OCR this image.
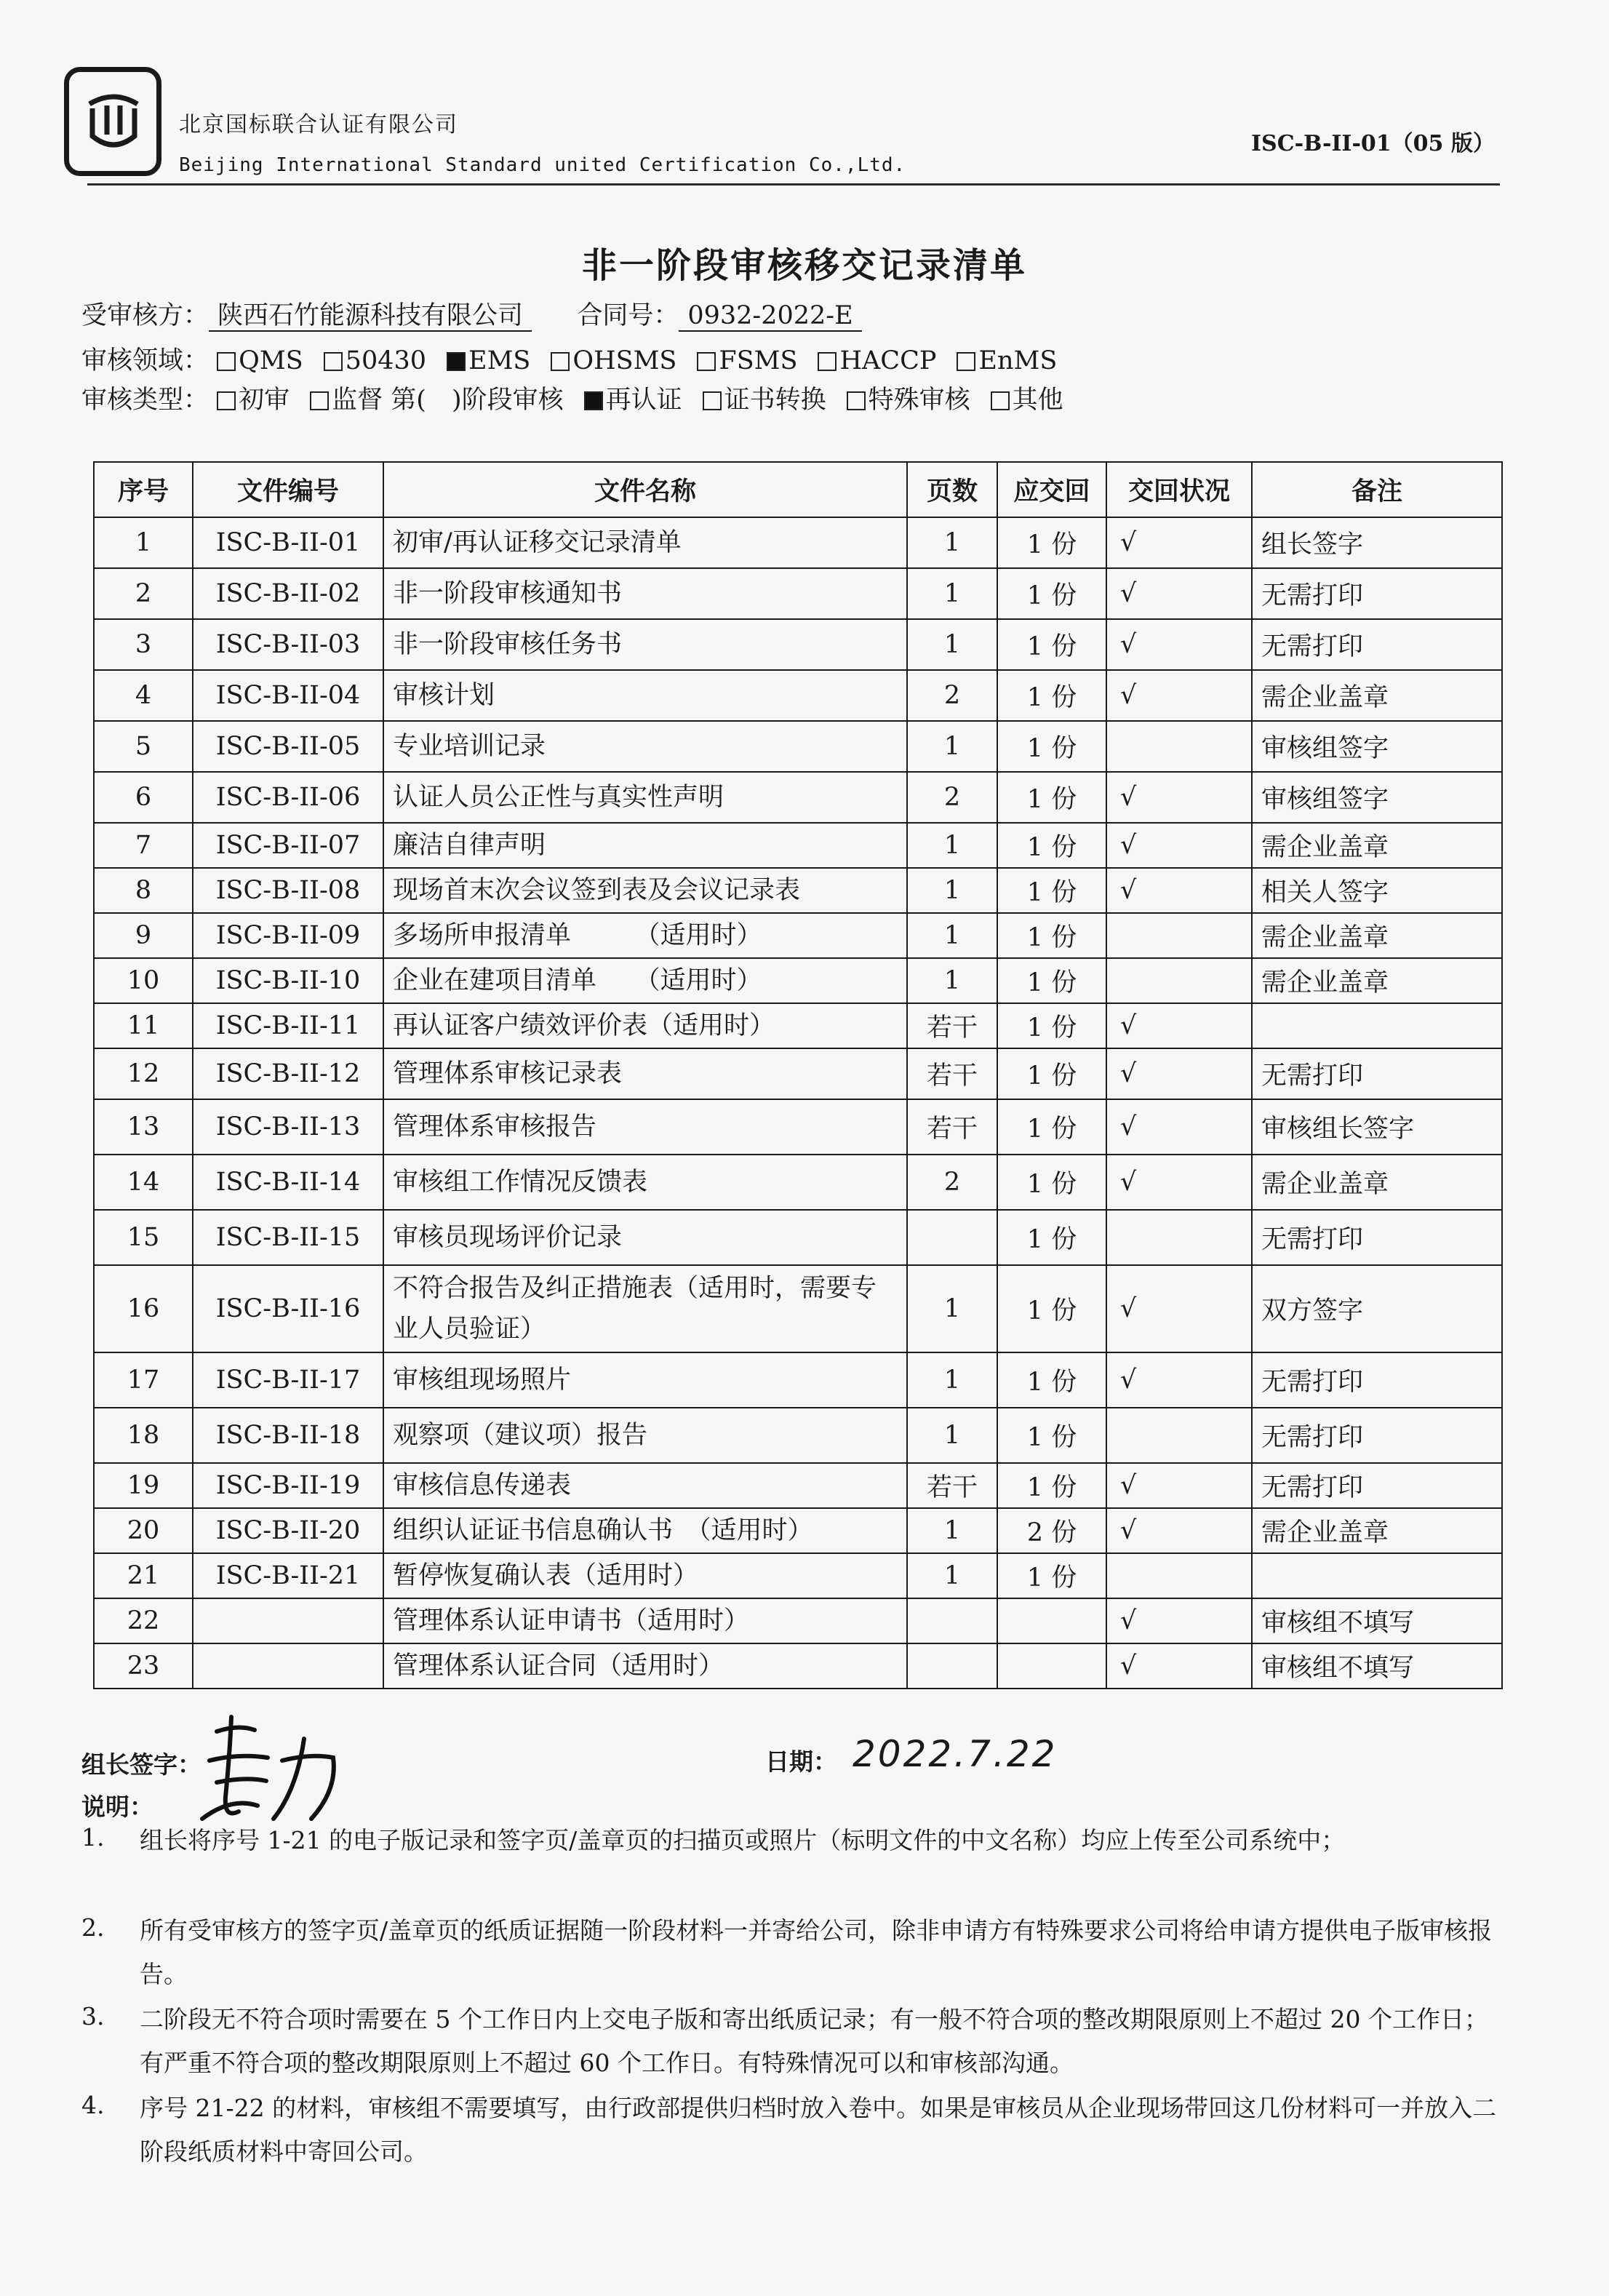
北京国标联合认证有限公司
Beijing International Standard united Certification Co.,Ltd.
ISC-B-II-01（05 版）
非一阶段审核移交记录清单
受审核方： 陕西石竹能源科技有限公司 合同号： 0932-2022-E
审核领域： QMS 50430 EMS OHSMS FSMS HACCP EnMS
审核类型： 初审 监督 第(　)阶段审核 再认证 证书转换 特殊审核 其他
序号	文件编号	文件名称	页数	应交回	交回状况	备注
1	ISC-B-II-01	初审/再认证移交记录清单	1	1 份	√	组长签字
2	ISC-B-II-02	非一阶段审核通知书	1	1 份	√	无需打印
3	ISC-B-II-03	非一阶段审核任务书	1	1 份	√	无需打印
4	ISC-B-II-04	审核计划	2	1 份	√	需企业盖章
5	ISC-B-II-05	专业培训记录	1	1 份		审核组签字
6	ISC-B-II-06	认证人员公正性与真实性声明	2	1 份	√	审核组签字
7	ISC-B-II-07	廉洁自律声明	1	1 份	√	需企业盖章
8	ISC-B-II-08	现场首末次会议签到表及会议记录表	1	1 份	√	相关人签字
9	ISC-B-II-09	多场所申报清单　　　（适用时）	1	1 份		需企业盖章
10	ISC-B-II-10	企业在建项目清单　　（适用时）	1	1 份		需企业盖章
11	ISC-B-II-11	再认证客户绩效评价表（适用时）	若干	1 份	√	
12	ISC-B-II-12	管理体系审核记录表	若干	1 份	√	无需打印
13	ISC-B-II-13	管理体系审核报告	若干	1 份	√	审核组长签字
14	ISC-B-II-14	审核组工作情况反馈表	2	1 份	√	需企业盖章
15	ISC-B-II-15	审核员现场评价记录		1 份		无需打印
16	ISC-B-II-16	不符合报告及纠正措施表（适用时，需要专业人员验证）	1	1 份	√	双方签字
17	ISC-B-II-17	审核组现场照片	1	1 份	√	无需打印
18	ISC-B-II-18	观察项（建议项）报告	1	1 份		无需打印
19	ISC-B-II-19	审核信息传递表	若干	1 份	√	无需打印
20	ISC-B-II-20	组织认证证书信息确认书　（适用时）	1	2 份	√	需企业盖章
21	ISC-B-II-21	暂停恢复确认表（适用时）	1	1 份		
22		管理体系认证申请书（适用时）			√	审核组不填写
23		管理体系认证合同（适用时）			√	审核组不填写
组长签字：
说明：
日期： 2022.7.22
1. 组长将序号 1-21 的电子版记录和签字页/盖章页的扫描页或照片（标明文件的中文名称）均应上传至公司系统中；
2. 所有受审核方的签字页/盖章页的纸质证据随一阶段材料一并寄给公司，除非申请方有特殊要求公司将给申请方提供电子版审核报告。
3. 二阶段无不符合项时需要在 5 个工作日内上交电子版和寄出纸质记录；有一般不符合项的整改期限原则上不超过 20 个工作日；有严重不符合项的整改期限原则上不超过 60 个工作日。有特殊情况可以和审核部沟通。
4. 序号 21-22 的材料，审核组不需要填写，由行政部提供归档时放入卷中。如果是审核员从企业现场带回这几份材料可一并放入二阶段纸质材料中寄回公司。
